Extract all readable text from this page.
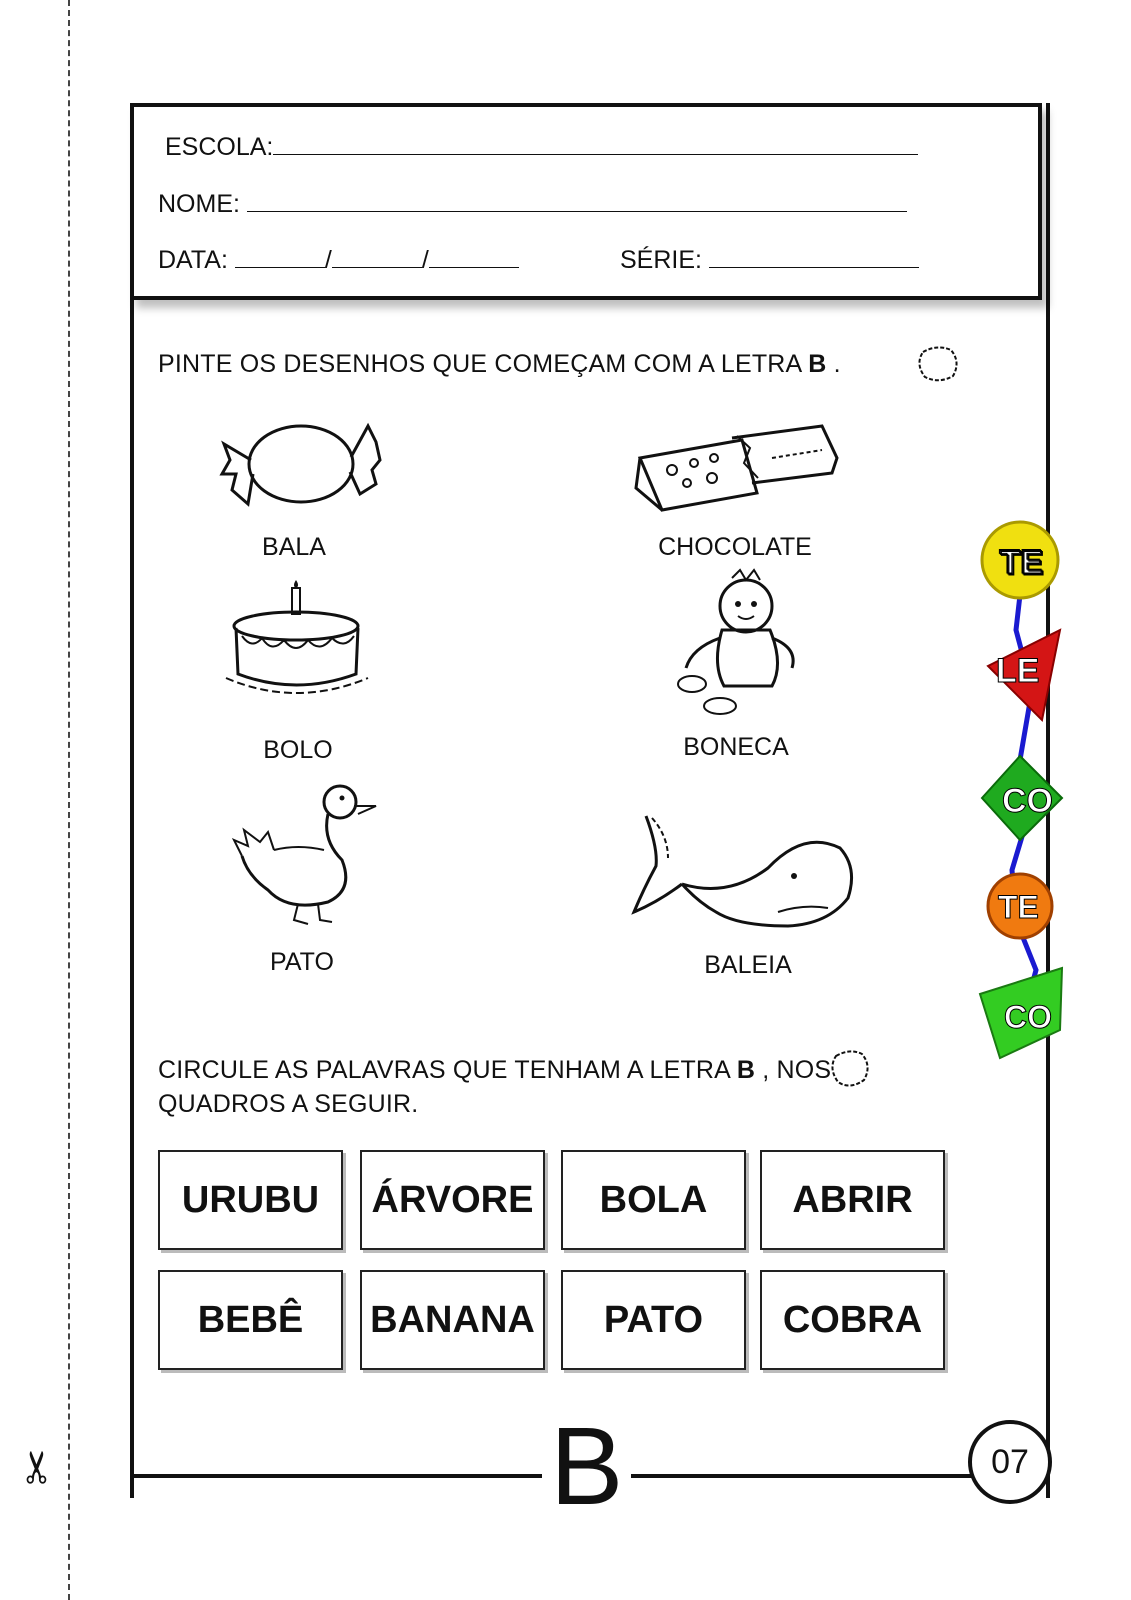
✂
ESCOLA:
NOME:
DATA:	/	/	SÉRIE:
PINTE OS DESENHOS QUE COMEÇAM COM A LETRA B .
BALA	CHOCOLATE
BOLO	BONECA
PATO	BALEIA
CIRCULE AS PALAVRAS QUE TENHAM A LETRA B , NOS
QUADROS A SEGUIR.
URUBU ÁRVORE BOLA ABRIR
BEBÊ BANANA PATO COBRA
TE
LE
CO
TE
CO
B	07
